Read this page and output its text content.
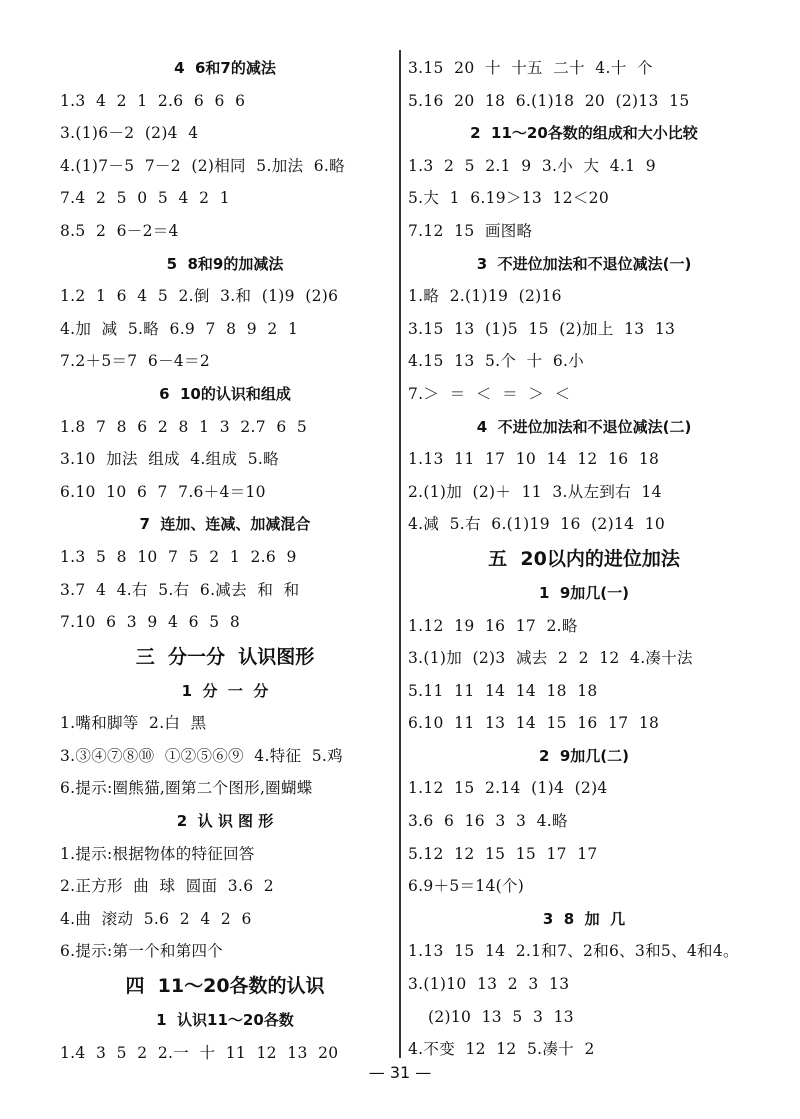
4  6和7的减法
1.3  4  2  1  2.6  6  6  6
3.(1)6－2  (2)4  4
4.(1)7－5  7－2  (2)相同  5.加法  6.略
7.4  2  5  0  5  4  2  1
8.5  2  6－2＝4
5  8和9的加减法
1.2  1  6  4  5  2.倒  3.和  (1)9  (2)6
4.加  减  5.略  6.9  7  8  9  2  1
7.2＋5＝7  6－4＝2
6  10的认识和组成
1.8  7  8  6  2  8  1  3  2.7  6  5
3.10  加法  组成  4.组成  5.略
6.10  10  6  7  7.6＋4＝10
7  连加、连减、加减混合
1.3  5  8  10  7  5  2  1  2.6  9
3.7  4  4.右  5.右  6.减去  和  和
7.10  6  3  9  4  6  5  8
三  分一分  认识图形
1  分  一  分
1.嘴和脚等  2.白  黑
3.③④⑦⑧⑩  ①②⑤⑥⑨  4.特征  5.鸡
6.提示:圈熊猫,圈第二个图形,圈蝴蝶
2  认 识 图 形
1.提示:根据物体的特征回答
2.正方形  曲  球  圆面  3.6  2
4.曲  滚动  5.6  2  4  2  6
6.提示:第一个和第四个
四  11～20各数的认识
1  认识11～20各数
1.4  3  5  2  2.一  十  11  12  13  20
3.15  20  十  十五  二十  4.十  个
5.16  20  18  6.(1)18  20  (2)13  15
2  11～20各数的组成和大小比较
1.3  2  5  2.1  9  3.小  大  4.1  9
5.大  1  6.19＞13  12＜20
7.12  15  画图略
3  不进位加法和不退位减法(一)
1.略  2.(1)19  (2)16
3.15  13  (1)5  15  (2)加上  13  13
4.15  13  5.个  十  6.小
7.＞  ＝  ＜  ＝  ＞  ＜
4  不进位加法和不退位减法(二)
1.13  11  17  10  14  12  16  18
2.(1)加  (2)＋  11  3.从左到右  14
4.减  5.右  6.(1)19  16  (2)14  10
五  20以内的进位加法
1  9加几(一)
1.12  19  16  17  2.略
3.(1)加  (2)3  减去  2  2  12  4.凑十法
5.11  11  14  14  18  18
6.10  11  13  14  15  16  17  18
2  9加几(二)
1.12  15  2.14  (1)4  (2)4
3.6  6  16  3  3  4.略
5.12  12  15  15  17  17
6.9＋5＝14(个)
3  8  加  几
1.13  15  14  2.1和7、2和6、3和5、4和4。
3.(1)10  13  2  3  13
(2)10  13  5  3  13
4.不变  12  12  5.凑十  2
— 31 —
